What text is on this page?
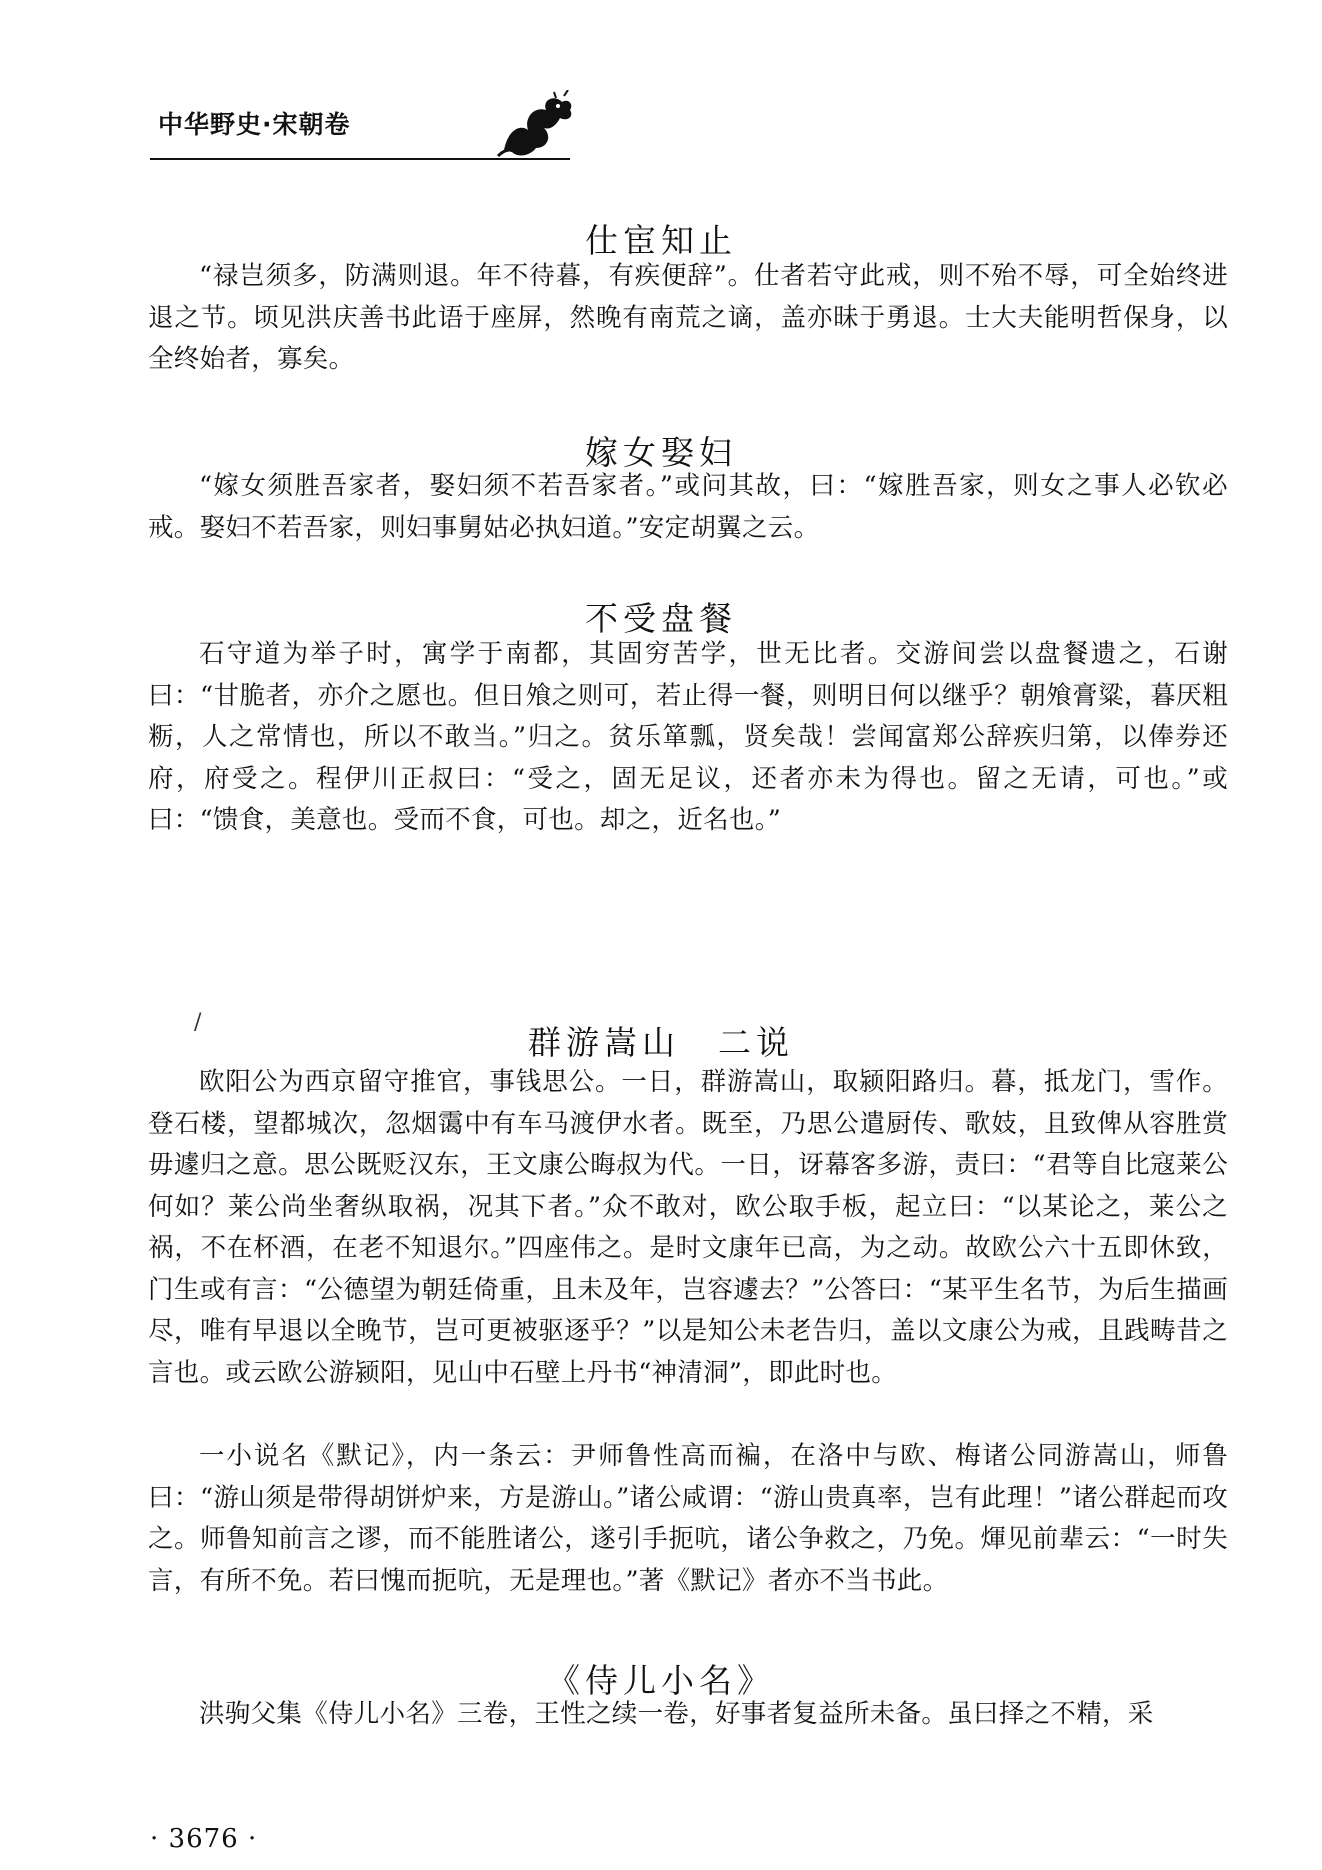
中华野史·宋朝卷
仕宦知止

“禄岂须多，防满则退。年不待暮，有疾便辞”。仕者若守此戒，则不殆不辱，可全始终进退之节。顷见洪庆善书此语于座屏，然晚有南荒之谪，盖亦昧于勇退。士大夫能明哲保身，以全终始者，寡矣。

嫁女娶妇

“嫁女须胜吾家者，娶妇须不若吾家者。”或问其故，曰：“嫁胜吾家，则女之事人必钦必戒。娶妇不若吾家，则妇事舅姑必执妇道。”安定胡翼之云。

不受盘餐

石守道为举子时，寓学于南都，其固穷苦学，世无比者。交游间尝以盘餐遗之，石谢曰：“甘脆者，亦介之愿也。但日飧之则可，若止得一餐，则明日何以继乎？朝飧膏粱，暮厌粗粝，人之常情也，所以不敢当。”归之。贫乐箪瓢，贤矣哉！尝闻富郑公辞疾归第，以俸券还府，府受之。程伊川正叔曰：“受之，固无足议，还者亦未为得也。留之无请，可也。”或曰：“馈食，美意也。受而不食，可也。却之，近名也。”

/
群游嵩山　二说

欧阳公为西京留守推官，事钱思公。一日，群游嵩山，取颍阳路归。暮，抵龙门，雪作。登石楼，望都城次，忽烟霭中有车马渡伊水者。既至，乃思公遣厨传、歌妓，且致俾从容胜赏毋遽归之意。思公既贬汉东，王文康公晦叔为代。一日，讶幕客多游，责曰：“君等自比寇莱公何如？莱公尚坐奢纵取祸，况其下者。”众不敢对，欧公取手板，起立曰：“以某论之，莱公之祸，不在杯酒，在老不知退尔。”四座伟之。是时文康年已高，为之动。故欧公六十五即休致，门生或有言：“公德望为朝廷倚重，且未及年，岂容遽去？”公答曰：“某平生名节，为后生描画尽，唯有早退以全晚节，岂可更被驱逐乎？”以是知公未老告归，盖以文康公为戒，且践畴昔之言也。或云欧公游颍阳，见山中石壁上丹书“神清洞”，即此时也。

一小说名《默记》，内一条云：尹师鲁性高而褊，在洛中与欧、梅诸公同游嵩山，师鲁曰：“游山须是带得胡饼炉来，方是游山。”诸公咸谓：“游山贵真率，岂有此理！”诸公群起而攻之。师鲁知前言之谬，而不能胜诸公，遂引手扼吭，诸公争救之，乃免。煇见前辈云：“一时失言，有所不免。若曰愧而扼吭，无是理也。”著《默记》者亦不当书此。

《侍儿小名》

洪驹父集《侍儿小名》三卷，王性之续一卷，好事者复益所未备。虽曰择之不精，采

· 3676 ·
